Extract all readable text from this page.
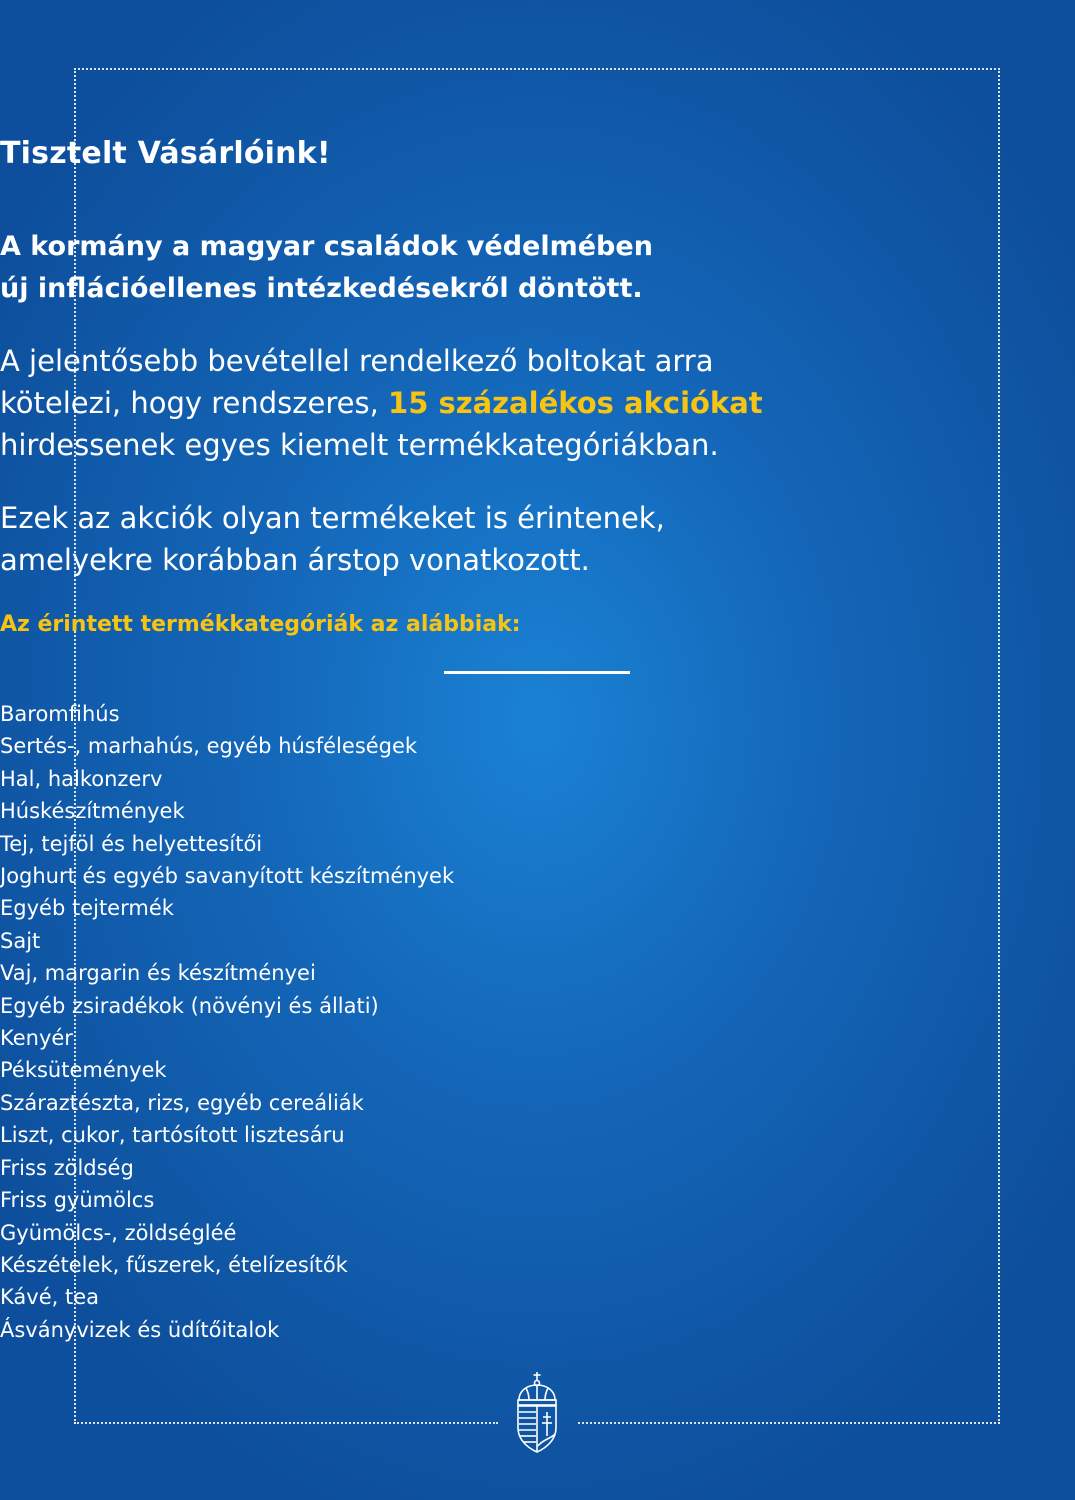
Tisztelt Vásárlóink!
A kormány a magyar családok védelmében
új inflációellenes intézkedésekről döntött.
A jelentősebb bevétellel rendelkező boltokat arra
kötelezi, hogy rendszeres, 15 százalékos akciókat
hirdessenek egyes kiemelt termékkategóriákban.
Ezek az akciók olyan termékeket is érintenek,
amelyekre korábban árstop vonatkozott.
Az érintett termékkategóriák az alábbiak:
Baromfihús
Sertés-, marhahús, egyéb húsféleségek
Hal, halkonzerv
Húskészítmények
Tej, tejföl és helyettesítői
Joghurt és egyéb savanyított készítmények
Egyéb tejtermék
Sajt
Vaj, margarin és készítményei
Egyéb zsiradékok (növényi és állati)
Kenyér
Péksütemények
Száraztészta, rizs, egyéb cereáliák
Liszt, cukor, tartósított lisztesáru
Friss zöldség
Friss gyümölcs
Gyümölcs-, zöldségléé
Készételek, fűszerek, ételízesítők
Kávé, tea
Ásványvizek és üdítőitalok
